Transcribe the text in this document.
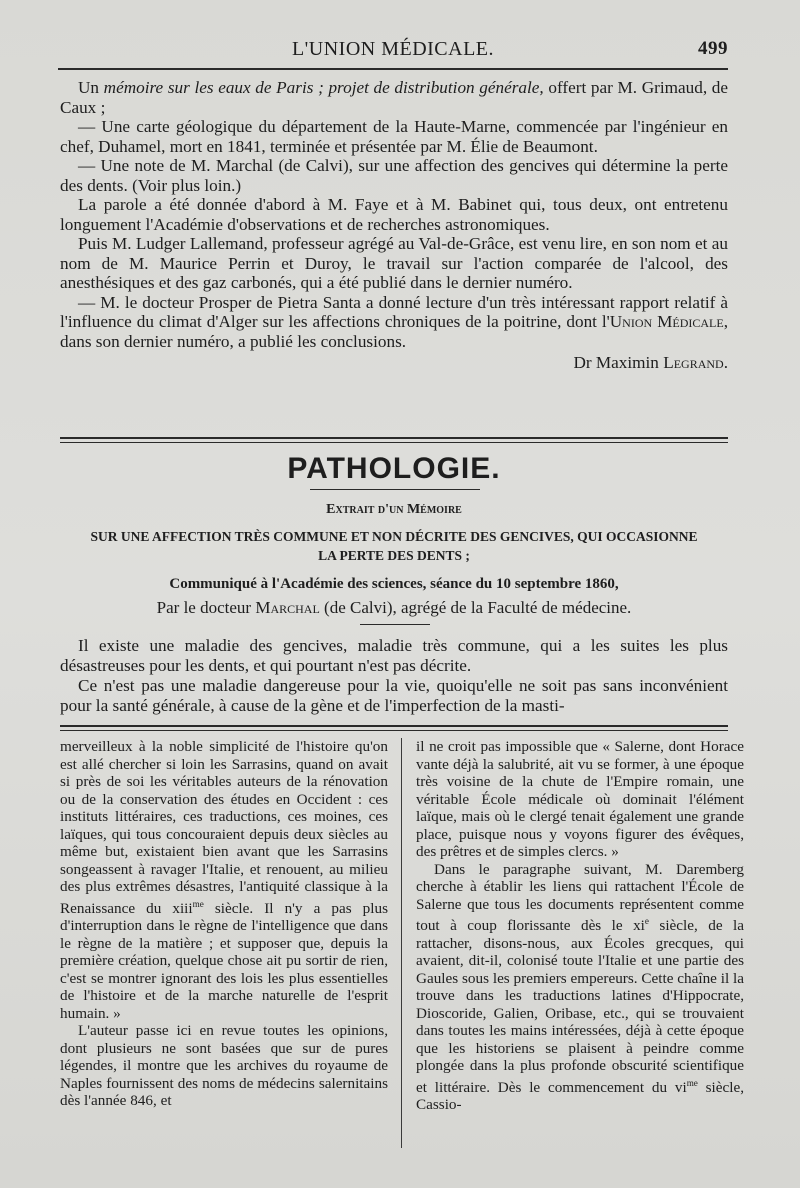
L'UNION MÉDICALE.	499

Un mémoire sur les eaux de Paris ; projet de distribution générale, offert par M. Grimaud, de Caux ;

— Une carte géologique du département de la Haute-Marne, commencée par l'ingénieur en chef, Duhamel, mort en 1841, terminée et présentée par M. Élie de Beaumont.

— Une note de M. Marchal (de Calvi), sur une affection des gencives qui détermine la perte des dents. (Voir plus loin.)

La parole a été donnée d'abord à M. Faye et à M. Babinet qui, tous deux, ont entretenu longuement l'Académie d'observations et de recherches astronomiques.

Puis M. Ludger Lallemand, professeur agrégé au Val-de-Grâce, est venu lire, en son nom et au nom de M. Maurice Perrin et Duroy, le travail sur l'action comparée de l'alcool, des anesthésiques et des gaz carbonés, qui a été publié dans le dernier numéro.

— M. le docteur Prosper de Pietra Santa a donné lecture d'un très intéressant rapport relatif à l'influence du climat d'Alger sur les affections chroniques de la poitrine, dont l'Union Médicale, dans son dernier numéro, a publié les conclusions.

Dr Maximin Legrand.

PATHOLOGIE.
Extrait d'un Mémoire
SUR UNE AFFECTION TRÈS COMMUNE ET NON DÉCRITE DES GENCIVES, QUI OCCASIONNE
LA PERTE DES DENTS ;
Communiqué à l'Académie des sciences, séance du 10 septembre 1860,
Par le docteur Marchal (de Calvi), agrégé de la Faculté de médecine.

Il existe une maladie des gencives, maladie très commune, qui a les suites les plus désastreuses pour les dents, et qui pourtant n'est pas décrite.

Ce n'est pas une maladie dangereuse pour la vie, quoiqu'elle ne soit pas sans inconvénient pour la santé générale, à cause de la gène et de l'imperfection de la masti-

merveilleux à la noble simplicité de l'histoire qu'on est allé chercher si loin les Sarrasins, quand on avait si près de soi les véritables auteurs de la rénovation ou de la conservation des études en Occident : ces instituts littéraires, ces traductions, ces moines, ces laïques, qui tous concouraient depuis deux siècles au même but, existaient bien avant que les Sarrasins songeassent à ravager l'Italie, et renouent, au milieu des plus extrêmes désastres, l'antiquité classique à la Renaissance du xiii$^{me}$ siècle. Il n'y a pas plus d'interruption dans le règne de l'intelligence que dans le règne de la matière ; et supposer que, depuis la première création, quelque chose ait pu sortir de rien, c'est se montrer ignorant des lois les plus essentielles de l'histoire et de la marche naturelle de l'esprit humain. »

L'auteur passe ici en revue toutes les opinions, dont plusieurs ne sont basées que sur de pures légendes, il montre que les archives du royaume de Naples fournissent des noms de médecins salernitains dès l'année 846, et

il ne croit pas impossible que « Salerne, dont Horace vante déjà la salubrité, ait vu se former, à une époque très voisine de la chute de l'Empire romain, une véritable École médicale où dominait l'élément laïque, mais où le clergé tenait également une grande place, puisque nous y voyons figurer des évêques, des prêtres et de simples clercs. »

Dans le paragraphe suivant, M. Daremberg cherche à établir les liens qui rattachent l'École de Salerne que tous les documents représentent comme tout à coup florissante dès le $xi^e$ siècle, de la rattacher, disons-nous, aux Écoles grecques, qui avaient, dit-il, colonisé toute l'Italie et une partie des Gaules sous les premiers empereurs. Cette chaîne il la trouve dans les traductions latines d'Hippocrate, Dioscoride, Galien, Oribase, etc., qui se trouvaient dans toutes les mains intéressées, déjà à cette époque que les historiens se plaisent à peindre comme plongée dans la plus profonde obscurité scientifique et littéraire. Dès le commencement du $vi^{me}$ siècle, Cassio-
